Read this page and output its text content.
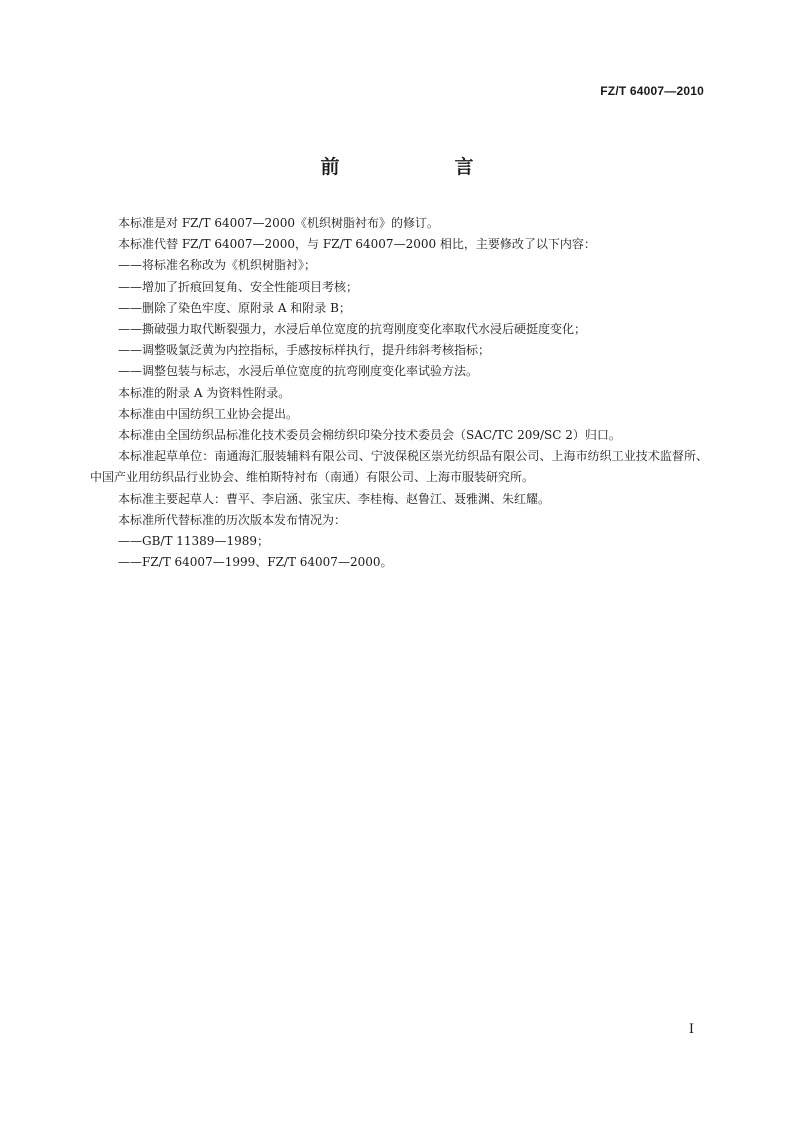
FZ/T 64007—2010
前　言

本标准是对 FZ/T 64007—2000《机织树脂衬布》的修订。

本标准代替 FZ/T 64007—2000，与 FZ/T 64007—2000 相比，主要修改了以下内容：

——将标准名称改为《机织树脂衬》；

——增加了折痕回复角、安全性能项目考核；

——删除了染色牢度、原附录 A 和附录 B；

——撕破强力取代断裂强力，水浸后单位宽度的抗弯刚度变化率取代水浸后硬挺度变化；

——调整吸氯泛黄为内控指标，手感按标样执行，提升纬斜考核指标；

——调整包装与标志，水浸后单位宽度的抗弯刚度变化率试验方法。

本标准的附录 A 为资料性附录。

本标准由中国纺织工业协会提出。

本标准由全国纺织品标准化技术委员会棉纺织印染分技术委员会（SAC/TC 209/SC 2）归口。

本标准起草单位：南通海汇服装辅料有限公司、宁波保税区崇光纺织品有限公司、上海市纺织工业技术监督所、中国产业用纺织品行业协会、维柏斯特衬布（南通）有限公司、上海市服装研究所。

本标准主要起草人：曹平、李启涵、张宝庆、李桂梅、赵鲁江、聂雅渊、朱红耀。

本标准所代替标准的历次版本发布情况为：

——GB/T 11389—1989；

——FZ/T 64007—1999、FZ/T 64007—2000。

I
